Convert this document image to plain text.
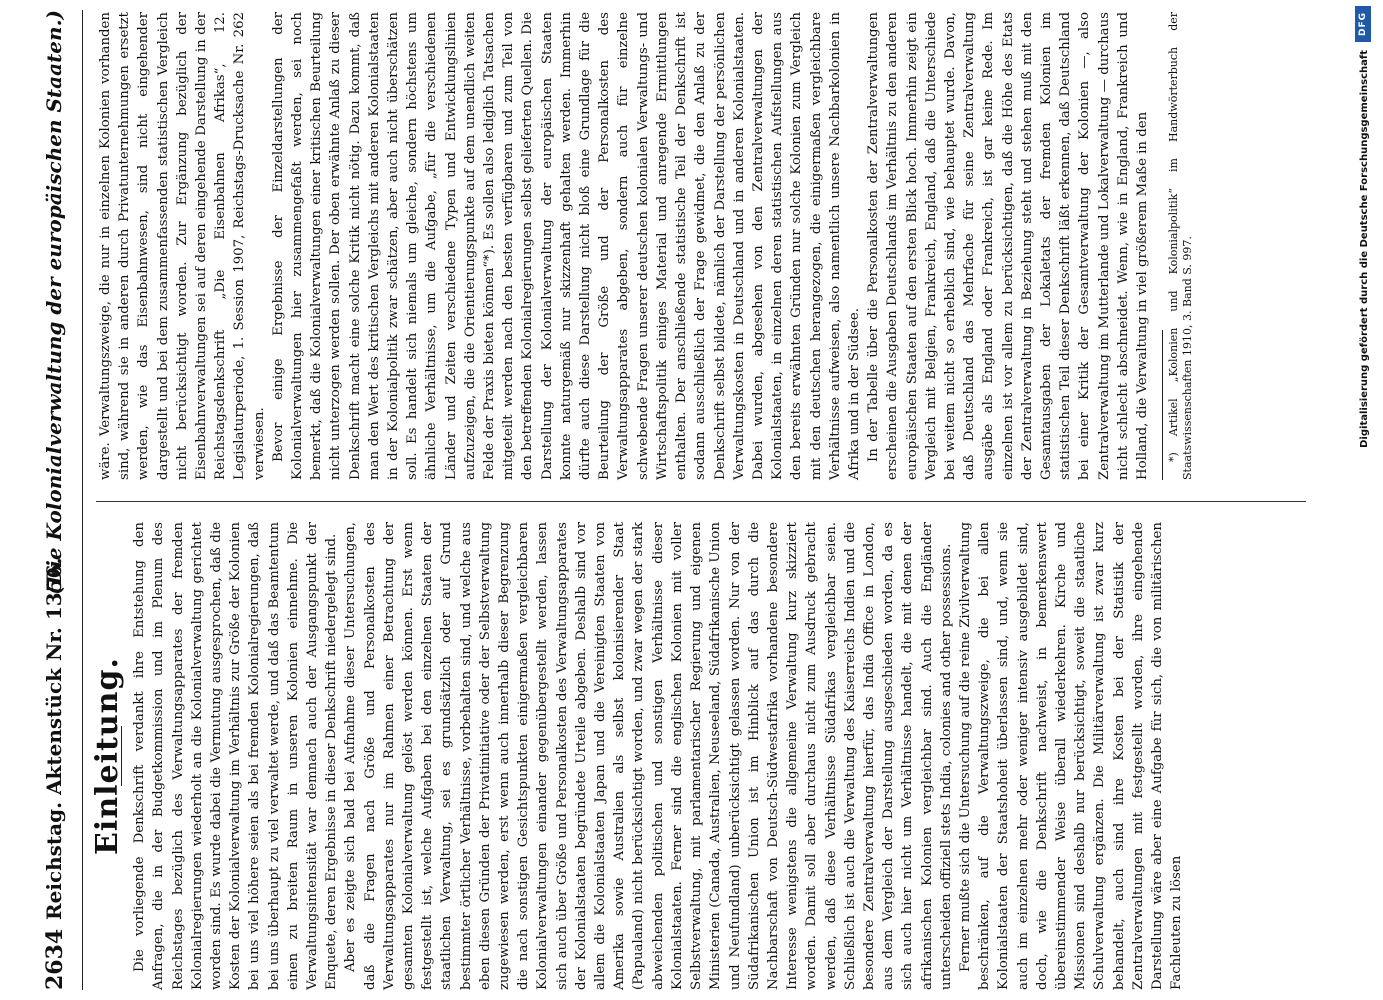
2634
Reichstag. Aktenstück Nr. 1356.
(Die Kolonialverwaltung der europäischen Staaten.)
Einleitung. Die vorliegende Denkschrift verdankt ihre Entstehung den Anfragen, die in der Budgetkommission und im Plenum des Reichstages bezüglich des Verwaltungsapparates der fremden Kolonialregierungen wiederholt an die Kolonialverwaltung gerichtet worden sind. Es wurde dabei die Vermutung ausgesprochen, daß die Kosten der Kolonialverwaltung im Verhältnis zur Größe der Kolonien bei uns viel höhere seien als bei fremden Kolonialregierungen, daß bei uns überhaupt zu viel verwaltet werde, und daß das Beamtentum einen zu breiten Raum in unseren Kolonien einnehme. Die Verwaltungsintensität war demnach auch der Ausgangspunkt der Enquete, deren Ergebnisse in dieser Denkschrift niedergelegt sind. Aber es zeigte sich bald bei Aufnahme dieser Untersuchungen, daß die Fragen nach Größe und Personalkosten des Verwaltungsapparates nur im Rahmen einer Betrachtung der gesamten Kolonialverwaltung gelöst werden können. Erst wenn festgestellt ist, welche Aufgaben bei den einzelnen Staaten der staatlichen Verwaltung, sei es grundsätzlich oder auf Grund bestimmter örtlicher Verhältnisse, vorbehalten sind, und welche aus eben diesen Gründen der Privatinitiative oder der Selbstverwaltung zugewiesen werden, erst wenn auch innerhalb dieser Begrenzung die nach sonstigen Gesichtspunkten einigermaßen vergleichbaren Kolonialverwaltungen einander gegenübergestellt werden, lassen sich auch über Größe und Personalkosten des Verwaltungsapparates der Kolonialstaaten begründete Urteile abgeben. Deshalb sind vor allem die Kolonialstaaten Japan und die Vereinigten Staaten von Amerika sowie Australien als selbst kolonisierender Staat (Papualand) nicht berücksichtigt worden, und zwar wegen der stark abweichenden politischen und sonstigen Verhältnisse dieser Kolonialstaaten. Ferner sind die englischen Kolonien mit voller Selbstverwaltung, mit parlamentarischer Regierung und eigenen Ministerien (Canada, Australien, Neuseeland, Südafrikanische Union und Neufundland) unberücksichtigt gelassen worden. Nur von der Südafrikanischen Union ist im Hinblick auf das durch die Nachbarschaft von Deutsch-Südwestafrika vorhandene besondere Interesse wenigstens die allgemeine Verwaltung kurz skizziert worden. Damit soll aber durchaus nicht zum Ausdruck gebracht werden, daß diese Verhältnisse Südafrikas vergleichbar seien. Schließlich ist auch die Verwaltung des Kaiserreichs Indien und die besondere Zentralverwaltung hierfür, das India Office in London, aus dem Vergleich der Darstellung ausgeschieden worden, da es sich auch hier nicht um Verhältnisse handelt, die mit denen der afrikanischen Kolonien vergleichbar sind. Auch die Engländer unterscheiden offiziell stets India, colonies and other possessions. Ferner mußte sich die Untersuchung auf die reine Zivilverwaltung beschränken, auf die Verwaltungszweige, die bei allen Kolonialstaaten der Staatshoheit überlassen sind, und, wenn sie auch im einzelnen mehr oder weniger intensiv ausgebildet sind, doch, wie die Denkschrift nachweist, in bemerkenswert übereinstimmender Weise überall wiederkehren. Kirche und Missionen sind deshalb nur berücksichtigt, soweit die staatliche Schulverwaltung ergänzen. Die Militärverwaltung ist zwar kurz behandelt, auch sind ihre Kosten bei der Statistik der Zentralverwaltungen mit festgestellt worden, ihre eingehende Darstellung wäre aber eine Aufgabe für sich, die von militärischen Fachleuten zu lösen

wäre. Verwaltungszweige, die nur in einzelnen Kolonien vorhanden sind, während sie in anderen durch Privatunternehmungen ersetzt werden, wie das Eisenbahnwesen, sind nicht eingehender dargestellt und bei dem zusammenfassenden statistischen Vergleich nicht berücksichtigt worden. Zur Ergänzung bezüglich der Eisenbahnverwaltungen sei auf deren eingehende Darstellung in der Reichstagsdenkschrift „Die Eisenbahnen Afrikas“, 12. Legislaturperiode, 1. Session 1907, Reichstags-Drucksache Nr. 262 verwiesen. Bevor einige Ergebnisse der Einzeldarstellungen der Kolonialverwaltungen hier zusammengefaßt werden, sei noch bemerkt, daß die Kolonialverwaltungen einer kritischen Beurteilung nicht unterzogen werden sollen. Der oben erwähnte Anlaß zu dieser Denkschrift macht eine solche Kritik nicht nötig. Dazu kommt, daß man den Wert des kritischen Vergleichs mit anderen Kolonialstaaten in der Kolonialpolitik zwar schätzen, aber auch nicht überschätzen soll. Es handelt sich niemals um gleiche, sondern höchstens um ähnliche Verhältnisse, um die Aufgabe, „für die verschiedenen Länder und Zeiten verschiedene Typen und Entwicklungslinien aufzuzeigen, die die Orientierungspunkte auf dem unendlich weiten Felde der Praxis bieten können“*). Es sollen also lediglich Tatsachen mitgeteilt werden nach den besten verfügbaren und zum Teil von den betreffenden Kolonialregierungen selbst gelieferten Quellen. Die Darstellung der Kolonialverwaltung der europäischen Staaten konnte naturgemäß nur skizzenhaft gehalten werden. Immerhin dürfte auch diese Darstellung nicht bloß eine Grundlage für die Beurteilung der Größe und der Personalkosten des Verwaltungsapparates abgeben, sondern auch für einzelne schwebende Fragen unserer deutschen kolonialen Verwaltungs- und Wirtschaftspolitik einiges Material und anregende Ermittlungen enthalten. Der anschließende statistische Teil der Denkschrift ist sodann ausschließlich der Frage gewidmet, die den Anlaß zu der Denkschrift selbst bildete, nämlich der Darstellung der persönlichen Verwaltungskosten in Deutschland und in anderen Kolonialstaaten. Dabei wurden, abgesehen von den Zentralverwaltungen der Kolonialstaaten, in einzelnen deren statistischen Aufstellungen aus den bereits erwähnten Gründen nur solche Kolonien zum Vergleich mit den deutschen herangezogen, die einigermaßen vergleichbare Verhältnisse aufweisen, also namentlich unsere Nachbarkolonien in Afrika und in der Südsee. In der Tabelle über die Personalkosten der Zentralverwaltungen erscheinen die Ausgaben Deutschlands im Verhältnis zu den anderen europäischen Staaten auf den ersten Blick hoch. Immerhin zeigt ein Vergleich mit Belgien, Frankreich, England, daß die Unterschiede bei weitem nicht so erheblich sind, wie behauptet wurde. Davon, daß Deutschland das Mehrfache für seine Zentralverwaltung ausgäbe als England oder Frankreich, ist gar keine Rede. Im einzelnen ist vor allem zu berücksichtigen, daß die Höhe des Etats der Zentralverwaltung in Beziehung steht und stehen muß mit den Gesamtausgaben der Lokaletats der fremden Kolonien im statistischen Teil dieser Denkschrift läßt erkennen, daß Deutschland bei einer Kritik der Gesamtverwaltung der Kolonien —, also Zentralverwaltung im Mutterlande und Lokalverwaltung — durchaus nicht schlecht abschneidet. Wenn, wie in England, Frankreich und Holland, die Verwaltung in viel größerem Maße in den *) Artikel „Kolonien und Kolonialpolitik“ im Handwörterbuch der Staatswissenschaften 1910, 3. Band S. 997.

DFG
Digitalisierung gefördert durch die Deutsche Forschungsgemeinschaft
